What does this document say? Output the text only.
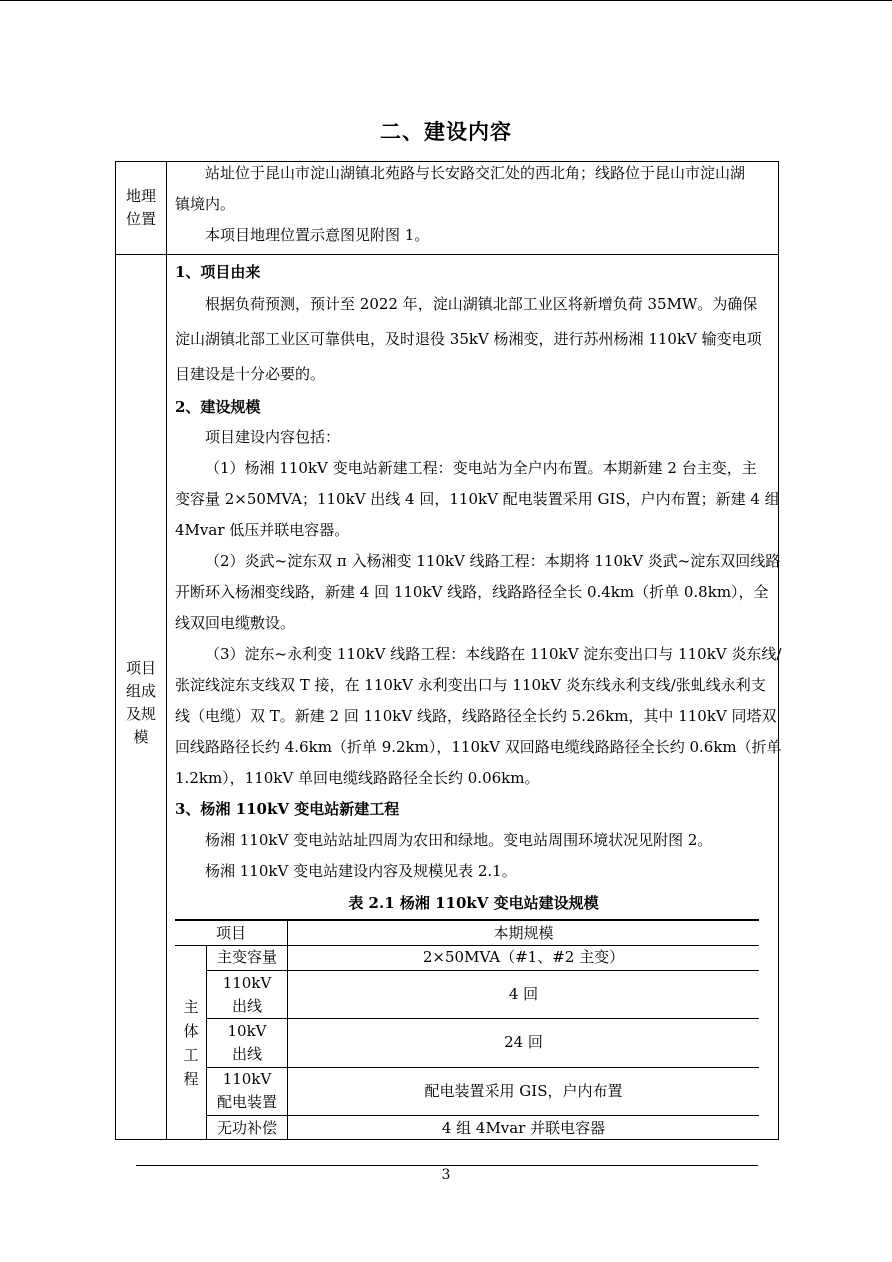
二、建设内容
地理
位置
站址位于昆山市淀山湖镇北苑路与长安路交汇处的西北角；线路位于昆山市淀山湖
镇境内。
本项目地理位置示意图见附图 1。
项目
组成
及规
模
1、项目由来
根据负荷预测，预计至 2022 年，淀山湖镇北部工业区将新增负荷 35MW。为确保
淀山湖镇北部工业区可靠供电，及时退役 35kV 杨湘变，进行苏州杨湘 110kV 输变电项
目建设是十分必要的。
2、建设规模
项目建设内容包括：
（1）杨湘 110kV 变电站新建工程：变电站为全户内布置。本期新建 2 台主变，主
变容量 2×50MVA；110kV 出线 4 回，110kV 配电装置采用 GIS，户内布置；新建 4 组
4Mvar 低压并联电容器。
（2）炎武~淀东双 π 入杨湘变 110kV 线路工程：本期将 110kV 炎武~淀东双回线路
开断环入杨湘变线路，新建 4 回 110kV 线路，线路路径全长 0.4km（折单 0.8km），全
线双回电缆敷设。
（3）淀东~永利变 110kV 线路工程：本线路在 110kV 淀东变出口与 110kV 炎东线/
张淀线淀东支线双 T 接，在 110kV 永利变出口与 110kV 炎东线永利支线/张虬线永利支
线（电缆）双 T。新建 2 回 110kV 线路，线路路径全长约 5.26km，其中 110kV 同塔双
回线路路径长约 4.6km（折单 9.2km），110kV 双回路电缆线路路径全长约 0.6km（折单
1.2km），110kV 单回电缆线路路径全长约 0.06km。
3、杨湘 110kV 变电站新建工程
杨湘 110kV 变电站站址四周为农田和绿地。变电站周围环境状况见附图 2。
杨湘 110kV 变电站建设内容及规模见表 2.1。
表 2.1 杨湘 110kV 变电站建设规模
项目	本期规模
主
体
工
程
主变容量
110kV
出线
10kV
出线
110kV
配电装置
无功补偿
2×50MVA（#1、#2 主变）
4 回
24 回
配电装置采用 GIS，户内布置
4 组 4Mvar 并联电容器
3
